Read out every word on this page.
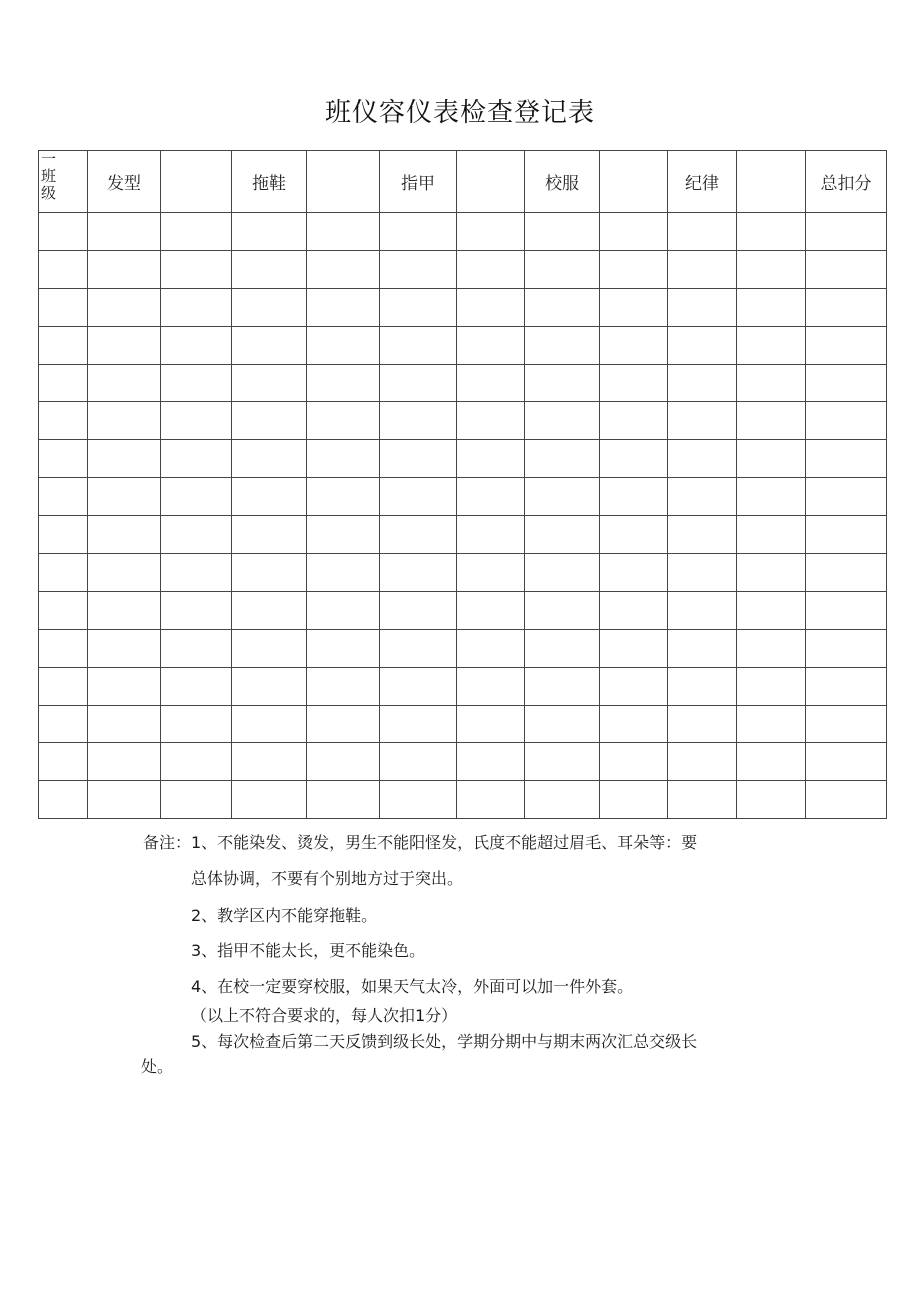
班仪容仪表检查登记表
一
班
级	发型		拖鞋		指甲		校服		纪律		总扣分

备注：1、不能染发、烫发，男生不能阳怪发，氏度不能超过眉毛、耳朵等：要
总体协调，不要有个别地方过于突出。
2、教学区内不能穿拖鞋。
3、指甲不能太长，更不能染色。
4、在校一定要穿校服，如果天气太冷，外面可以加一件外套。
（以上不符合要求的，每人次扣1分）
5、每次检查后第二天反馈到级长处，学期分期中与期末两次汇总交级长
处。
